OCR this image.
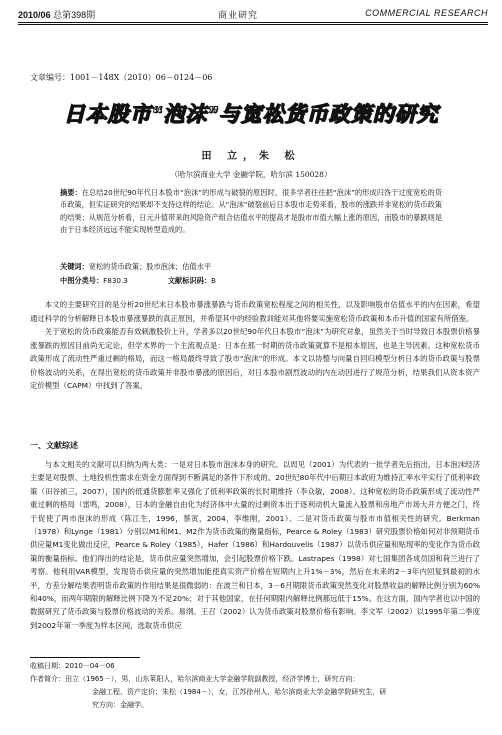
2010/06 总第398期	商业研究	COMMERCIAL RESEARCH
文章编号：1001－148X（2010）06－0124－06
日本股市“泡沫”与宽松货币政策的研究
田 立，朱 松
（哈尔滨商业大学 金融学院，哈尔滨 150028）
摘要：在总结20世纪90年代日本股市“泡沫”的形成与破裂的原因时，很多学者往往把“泡沫”的形成归咎于过度宽松的货币政策，但实证研究的结果却不支持这样的结论。从“泡沫”破裂前后日本股市走势来看，股市的涨跌并非宽松的货币政策的结果；从规范分析看，日元升值带来的风险资产组合估值水平的提高才是股市市值大幅上涨的原因，而股市的暴跌则是由于日本经济远远不能实现转型造成的。
关键词：宽松的货币政策；股市泡沫；估值水平
中图分类号：F830.3	文献标识码：B

本文的主要研究目的是分析20世纪末日本股市暴涨暴跌与货币政策宽松程度之间的相关性，以及影响股市估值水平的内在因素，希望通过科学的分析解释日本股市暴涨暴跌的真正原因，并希望其中的经验教训能对其他将要实施宽松货币政策和本币升值的国家有所借鉴。

关于宽松的货币政策能否有效刺激股价上升，学者多以20世纪90年代日本股市“泡沫”为研究对象，虽然关于当时导致日本股票价格暴涨暴跌的原因目前尚无定论，但学术界的一个主流观点是：日本在那一时期的货币政策就算不是根本原因，也是主导因素。这种宽松货币政策形成了流动性严重过剩的格局，而这一格局最终导致了股市“泡沫”的形成。本文以协整与向量自回归模型分析日本的货币政策与股票价格波动的关系，在得出宽松的货币政策并非股市暴涨的原因后，对日本股市剧烈波动的内在动因进行了规范分析，结果我们从资本资产定价模型（CAPM）中找到了答案。

一、文献综述

与本文相关的文献可以归纳为两大类：一是对日本股市泡沫本身的研究。以周见（2001）为代表的一批学者先后指出，日本泡沫经济主要是对股票、土地投机性需求在资金方面得到不断满足的条件下形成的。20世纪80年代中后期日本政府为维持汇率水平实行了低利率政策（田谷祯三，2007），国内的低通货膨胀率又强化了低利率政策的长时期维持（李众敏，2008）。这种宽松的货币政策形成了流动性严重过剩的格局（雷鸣，2008），日本的金融自由化为经济体中大量的过剩资本出于逐利动机大量流入股票和房地产市场大开方便之门，终于促使了两市泡沫的形成（陈江生，1996，蔡寅，2004，李维刚，2001）。二是对货币政策与股市市值相关性的研究。Berkman（1978）和Lynge（1981）分别以M1和M1、M2作为货币政策的衡量指标，Pearce & Roley（1983）研究股票价格如何对非预期货币供应量M1变化做出反应，Pearce & Roley（1985），Hafer（1986）和Hardouvelis（1987）以货币供应量和贴现率的变化作为货币政策的衡量指标。他们得出的结论是，货币供应量突然增加，会引起股票价格下跌。Lastrapes（1998）对七国集团各成员国和荷兰进行了考察。他利用VAR模型，发现货币供应量的突然增加能使真实资产价格在短期内上升1%－3%，然后在未来的2－3年内回复到最初的水平，方差分解结果表明货币政策的作用结果是很微弱的：在波兰和日本，3－6月期限货币政策突然变化对股票收益的解释比例分别为60%和40%，而两年期限的解释比例下降为不足20%；对于其他国家，在任何期限内解释比例都远低于15%。在这方面，国内学者也以中国的数据研究了货币政策与股票价格波动的关系。易纲、王召（2002）认为货币政策对股票价格有影响。李文军（2002）以1995年第二季度到2002年第一季度为样本区间，选取货币供应

收稿日期：2010－04－06
作者简介：田立（1965－），男，山东莱阳人，哈尔滨商业大学金融学院副教授，经济学博士，研究方向：
金融工程、资产定价；朱松（1984－），女，江苏徐州人，哈尔滨商业大学金融学院研究生，研
究方向：金融学。
